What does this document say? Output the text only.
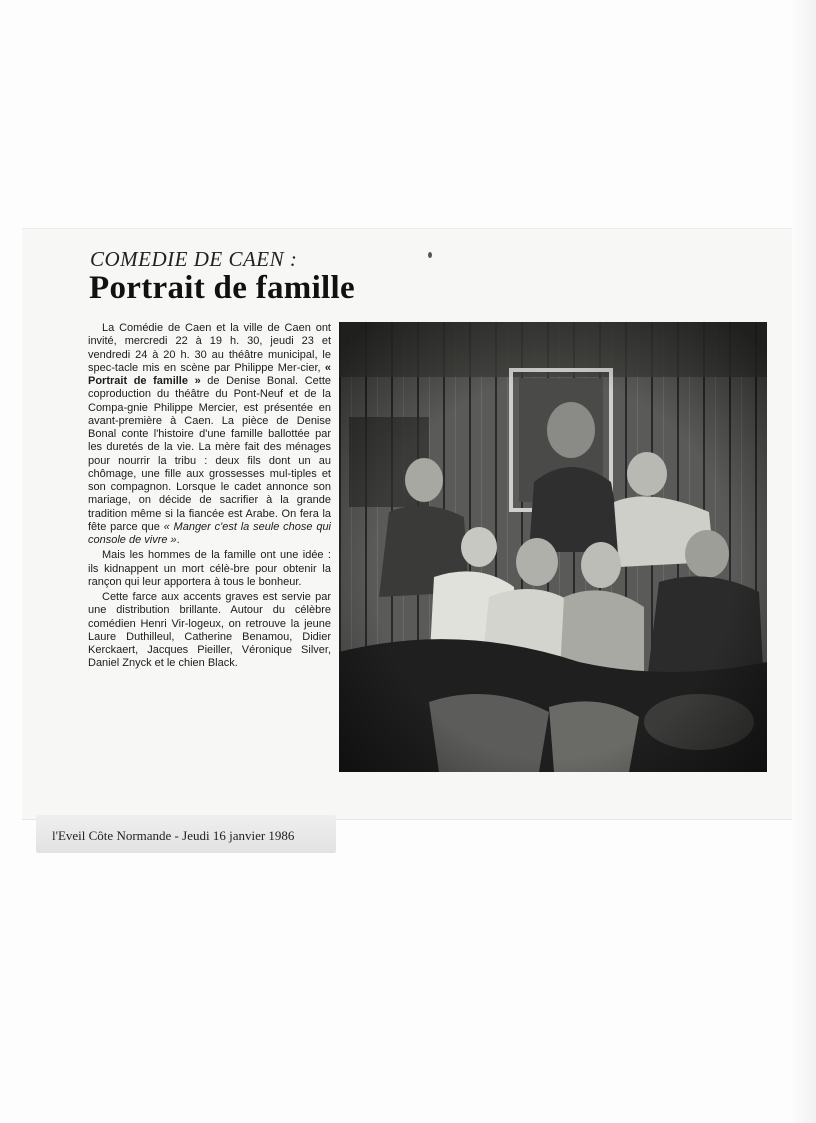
COMEDIE DE CAEN :
Portrait de famille

La Comédie de Caen et la ville de Caen ont invité, mercredi 22 à 19 h. 30, jeudi 23 et vendredi 24 à 20 h. 30 au théâtre municipal, le spec-tacle mis en scène par Philippe Mer-cier, « Portrait de famille » de Denise Bonal. Cette coproduction du théâtre du Pont-Neuf et de la Compa-gnie Philippe Mercier, est présentée en avant-première à Caen. La pièce de Denise Bonal conte l'histoire d'une famille ballottée par les duretés de la vie. La mère fait des ménages pour nourrir la tribu : deux fils dont un au chômage, une fille aux grossesses mul-tiples et son compagnon. Lorsque le cadet annonce son mariage, on décide de sacrifier à la grande tradition même si la fiancée est Arabe. On fera la fête parce que « Manger c'est la seule chose qui console de vivre ».

Mais les hommes de la famille ont une idée : ils kidnappent un mort célè-bre pour obtenir la rançon qui leur apportera à tous le bonheur.

Cette farce aux accents graves est servie par une distribution brillante. Autour du célèbre comédien Henri Vir-logeux, on retrouve la jeune Laure Duthilleul, Catherine Benamou, Didier Kerckaert, Jacques Pieiller, Véronique Silver, Daniel Znyck et le chien Black.

l'Eveil Côte Normande - Jeudi 16 janvier 1986
